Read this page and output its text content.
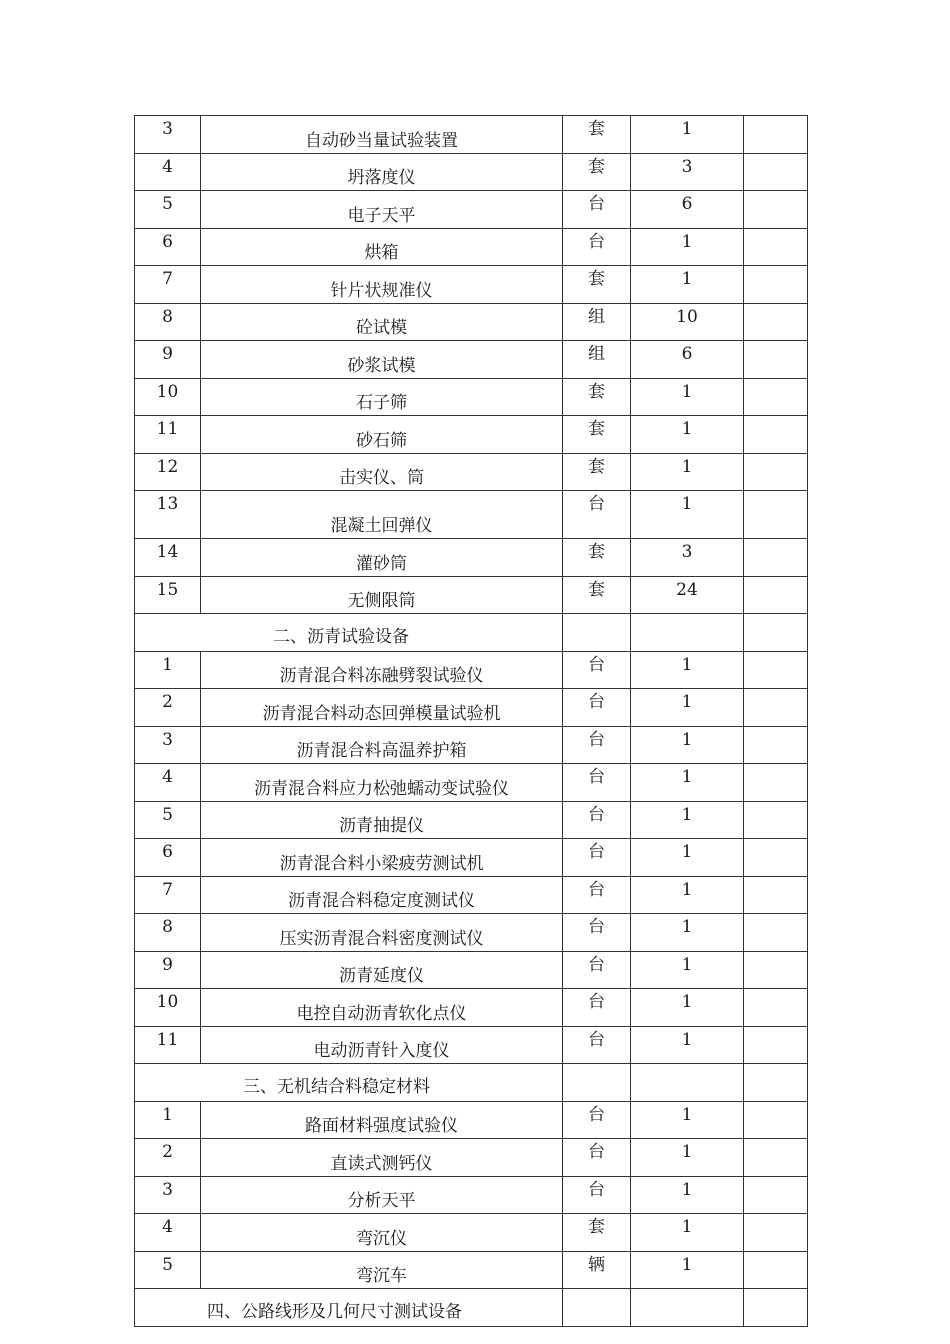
3	自动砂当量试验装置	套	1	
4	坍落度仪	套	3	
5	电子天平	台	6	
6	烘箱	台	1	
7	针片状规准仪	套	1	
8	砼试模	组	10	
9	砂浆试模	组	6	
10	石子筛	套	1	
11	砂石筛	套	1	
12	击实仪、筒	套	1	
13	混凝土回弹仪	台	1	
14	灌砂筒	套	3	
15	无侧限筒	套	24	
二、沥青试验设备				
1	沥青混合料冻融劈裂试验仪	台	1	
2	沥青混合料动态回弹模量试验机	台	1	
3	沥青混合料高温养护箱	台	1	
4	沥青混合料应力松弛蠕动变试验仪	台	1	
5	沥青抽提仪	台	1	
6	沥青混合料小梁疲劳测试机	台	1	
7	沥青混合料稳定度测试仪	台	1	
8	压实沥青混合料密度测试仪	台	1	
9	沥青延度仪	台	1	
10	电控自动沥青软化点仪	台	1	
11	电动沥青针入度仪	台	1	
三、无机结合料稳定材料				
1	路面材料强度试验仪	台	1	
2	直读式测钙仪	台	1	
3	分析天平	台	1	
4	弯沉仪	套	1	
5	弯沉车	辆	1	
四、公路线形及几何尺寸测试设备				
